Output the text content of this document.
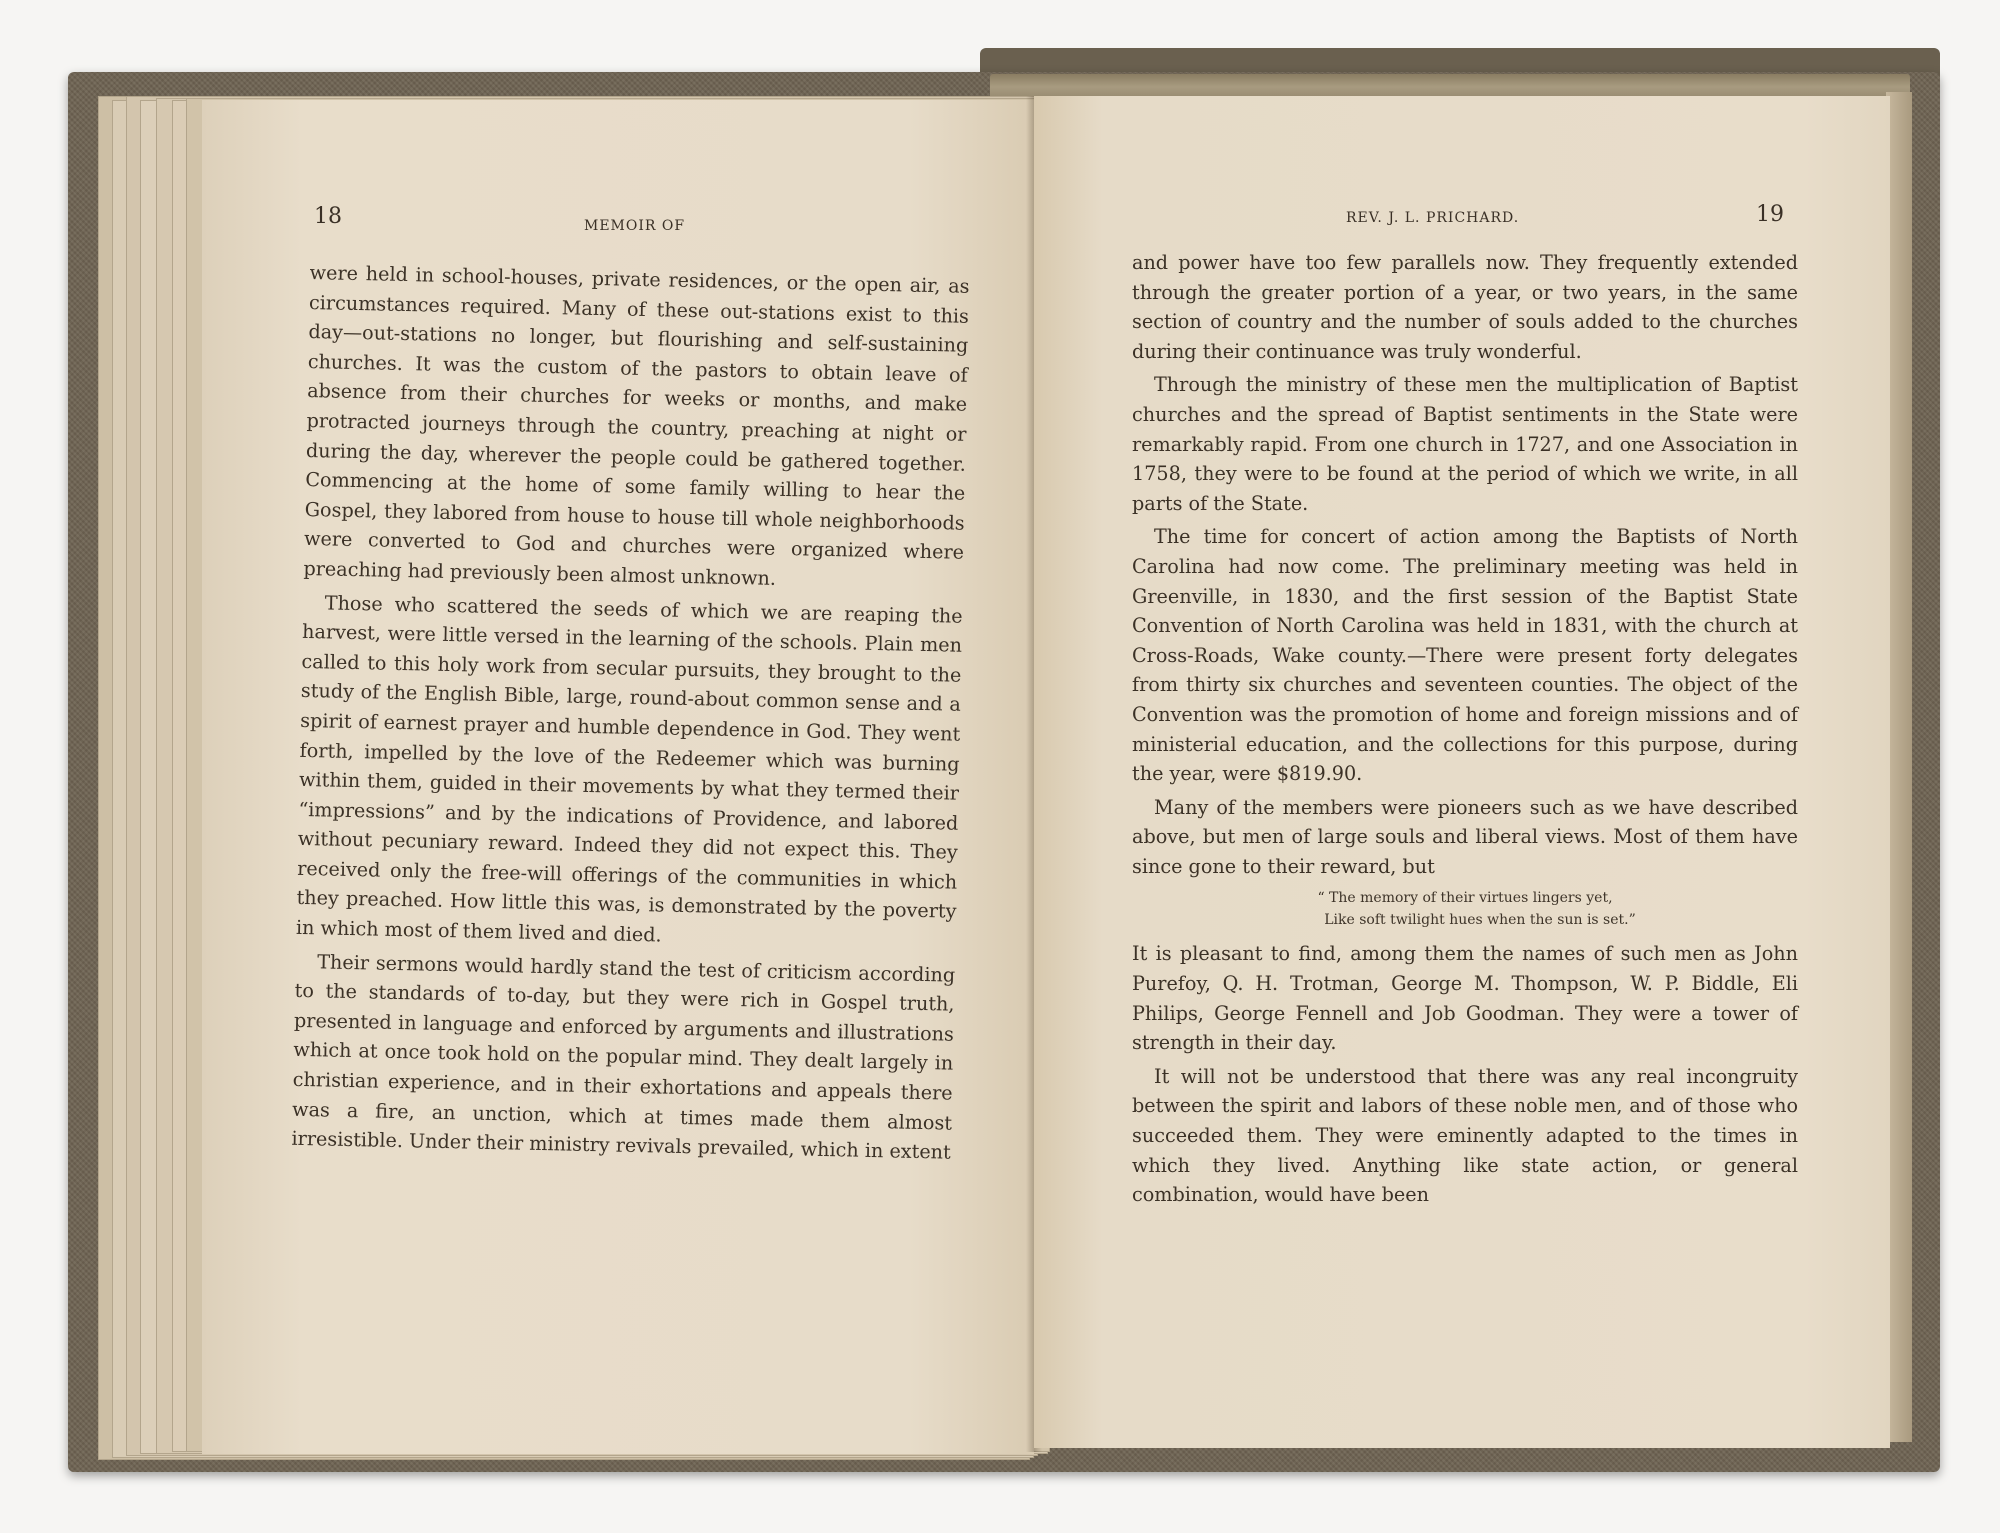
18	MEMOIR OF

were held in school-houses, private residences, or the open air, as circumstances required. Many of these out-stations exist to this day—out-stations no longer, but flourishing and self-sustaining churches. It was the custom of the pastors to obtain leave of absence from their churches for weeks or months, and make protracted journeys through the country, preaching at night or during the day, wherever the people could be gathered together. Commencing at the home of some family willing to hear the Gospel, they labored from house to house till whole neighborhoods were converted to God and churches were organized where preaching had previously been almost unknown.

Those who scattered the seeds of which we are reaping the harvest, were little versed in the learning of the schools. Plain men called to this holy work from secular pursuits, they brought to the study of the English Bible, large, round-about common sense and a spirit of earnest prayer and humble dependence in God. They went forth, impelled by the love of the Redeemer which was burning within them, guided in their movements by what they termed their “impressions” and by the indications of Providence, and labored without pecuniary reward. Indeed they did not expect this. They received only the free-will offerings of the communities in which they preached. How little this was, is demonstrated by the poverty in which most of them lived and died.

Their sermons would hardly stand the test of criticism according to the standards of to-day, but they were rich in Gospel truth, presented in language and enforced by arguments and illustrations which at once took hold on the popular mind. They dealt largely in christian experience, and in their exhortations and appeals there was a fire, an unction, which at times made them almost irresistible. Under their ministry revivals prevailed, which in extent

REV. J. L. PRICHARD.	19

and power have too few parallels now. They frequently extended through the greater portion of a year, or two years, in the same section of country and the number of souls added to the churches during their continuance was truly wonderful.

Through the ministry of these men the multiplication of Baptist churches and the spread of Baptist sentiments in the State were remarkably rapid. From one church in 1727, and one Association in 1758, they were to be found at the period of which we write, in all parts of the State.

The time for concert of action among the Baptists of North Carolina had now come. The preliminary meeting was held in Greenville, in 1830, and the first session of the Baptist State Convention of North Carolina was held in 1831, with the church at Cross-Roads, Wake county.—There were present forty delegates from thirty six churches and seventeen counties. The object of the Convention was the promotion of home and foreign missions and of ministerial education, and the collections for this purpose, during the year, were $819.90.

Many of the members were pioneers such as we have described above, but men of large souls and liberal views. Most of them have since gone to their reward, but

“ The memory of their virtues lingers yet,
Like soft twilight hues when the sun is set.”

It is pleasant to find, among them the names of such men as John Purefoy, Q. H. Trotman, George M. Thompson, W. P. Biddle, Eli Philips, George Fennell and Job Goodman. They were a tower of strength in their day.

It will not be understood that there was any real incongruity between the spirit and labors of these noble men, and of those who succeeded them. They were eminently adapted to the times in which they lived. Anything like state action, or general combination, would have been
